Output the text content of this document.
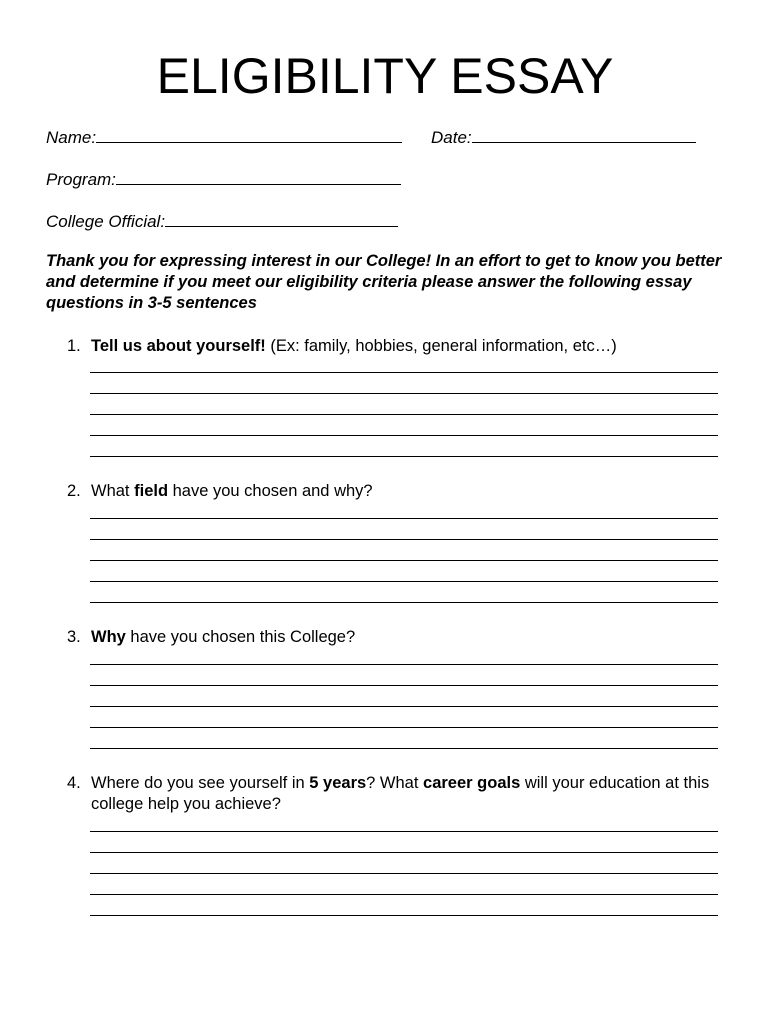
ELIGIBILITY ESSAY
Name:	Date:
Program:
College Official:
Thank you for expressing interest in our College! In an effort to get to know you better and determine if you meet our eligibility criteria please answer the following essay questions in 3-5 sentences
1. Tell us about yourself! (Ex: family, hobbies, general information, etc…)
2. What field have you chosen and why?
3. Why have you chosen this College?
4. Where do you see yourself in 5 years? What career goals will your education at this college help you achieve?
